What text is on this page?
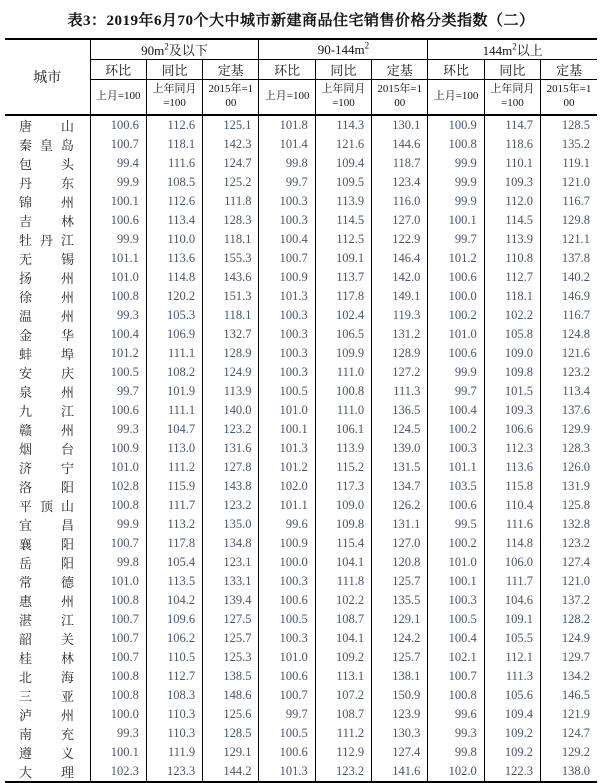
表3：2019年6月70个大中城市新建商品住宅销售价格分类指数（二）
城市	$90m^2$及以下			$90-144m^2$			$144m^2$以上		
	环比	同比	定基	环比	同比	定基	环比	同比	定基
	上月=100	上年同月=100	2015年=100	上月=100	上年同月=100	2015年=100	上月=100	上年同月=100	2015年=100
唐山	100.6	112.6	125.1	101.8	114.3	130.1	100.9	114.7	128.5
秦皇岛	100.7	118.1	142.3	101.4	121.6	144.6	100.8	118.6	135.2
包头	99.4	111.6	124.7	99.8	109.4	118.7	99.9	110.1	119.1
丹东	99.9	108.5	125.2	99.7	109.5	123.4	99.9	109.3	121.0
锦州	100.1	112.6	111.8	100.3	113.9	116.0	99.9	112.0	116.7
吉林	100.6	113.4	128.3	100.3	114.5	127.0	100.1	114.5	129.8
牡丹江	99.9	110.0	118.1	100.4	112.5	122.9	99.7	113.9	121.1
无锡	101.1	113.6	155.3	100.7	109.1	146.4	101.2	110.8	137.8
扬州	101.0	114.8	143.6	100.9	113.7	142.0	100.6	112.7	140.2
徐州	100.8	120.2	151.3	101.3	117.8	149.1	100.0	118.1	146.9
温州	99.3	105.3	118.1	100.3	102.4	119.3	100.2	102.2	116.7
金华	100.4	106.9	132.7	100.3	106.5	131.2	101.0	105.8	124.8
蚌埠	101.2	111.1	128.9	100.3	109.9	128.9	100.6	109.0	121.6
安庆	100.5	108.2	124.9	100.3	111.0	127.2	99.9	109.8	123.2
泉州	99.7	101.9	113.9	100.5	100.8	111.3	99.7	101.5	113.4
九江	100.6	111.1	140.0	101.0	111.0	136.5	100.4	109.3	137.6
赣州	99.3	104.7	123.2	100.1	106.1	124.5	100.2	106.6	129.9
烟台	100.9	113.0	131.6	101.3	113.9	139.0	100.3	112.3	128.3
济宁	101.0	111.2	127.8	101.2	115.2	131.5	101.1	113.6	126.0
洛阳	102.8	115.9	143.8	102.0	117.3	134.7	103.5	115.8	131.9
平顶山	100.8	111.7	123.2	101.1	109.0	126.2	100.6	110.4	125.8
宜昌	99.9	113.2	135.0	99.6	109.8	131.1	99.5	111.6	132.8
襄阳	100.7	117.8	134.8	100.9	115.4	127.0	100.2	114.8	123.2
岳阳	99.8	105.4	123.1	100.0	104.1	120.8	101.0	106.0	127.4
常德	101.0	113.5	133.1	100.3	111.8	125.7	100.1	111.7	121.0
惠州	100.8	104.2	139.4	100.6	102.2	135.5	100.3	104.6	137.2
湛江	100.7	109.6	127.5	100.5	108.7	129.1	100.5	109.1	128.2
韶关	100.7	106.2	125.7	100.3	104.1	124.2	100.4	105.5	124.9
桂林	100.7	110.5	125.3	101.0	109.2	125.7	102.1	112.1	129.7
北海	100.8	112.7	138.5	100.6	113.1	138.1	100.7	111.3	134.2
三亚	100.8	108.3	148.6	100.7	107.2	150.9	100.8	105.6	146.5
泸州	100.0	110.3	125.6	99.7	108.7	123.9	99.6	109.4	121.9
南充	99.3	110.3	128.5	100.5	111.2	130.3	99.3	109.2	124.7
遵义	100.1	111.9	129.1	100.6	112.9	127.4	99.8	109.2	129.2
大理	102.3	123.3	144.2	101.3	123.2	141.6	102.0	122.3	138.0
